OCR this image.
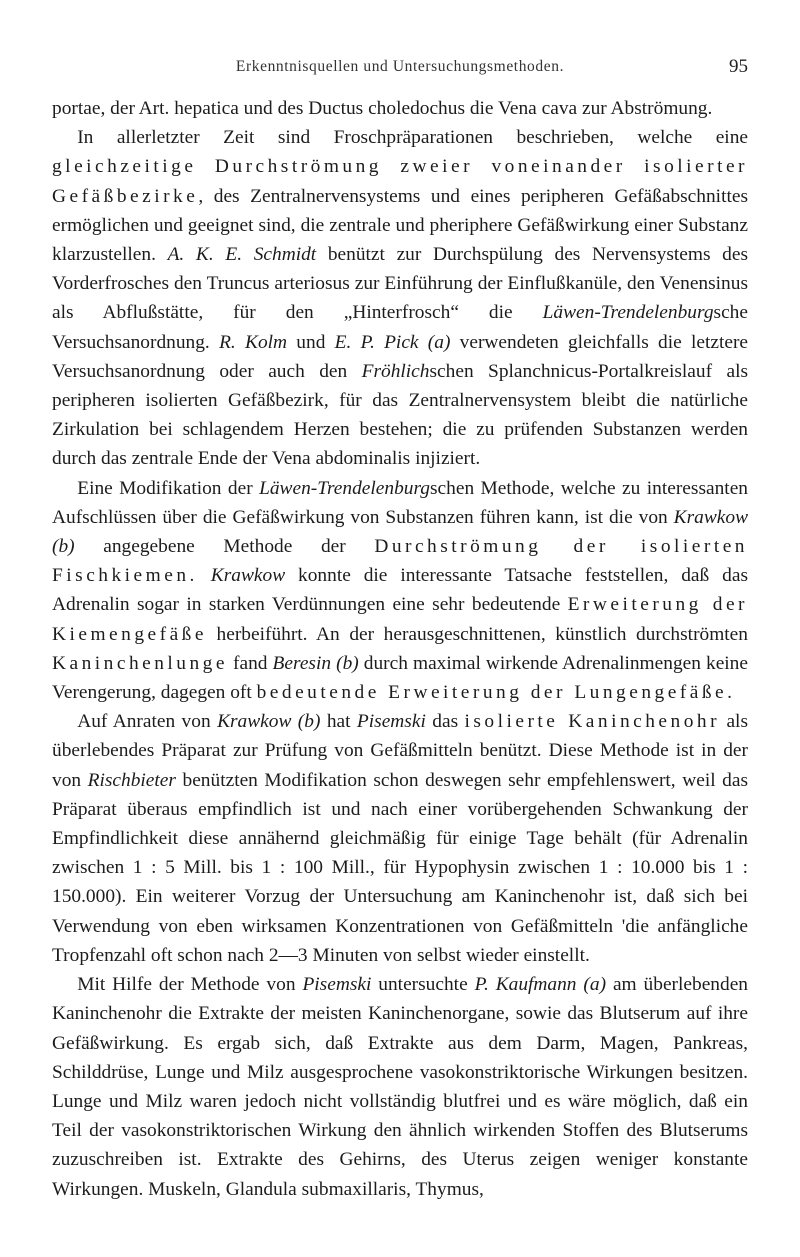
Erkenntnisquellen und Untersuchungsmethoden.	95

portae, der Art. hepatica und des Ductus choledochus die Vena cava zur Abströmung.

In allerletzter Zeit sind Froschpräparationen beschrieben, welche eine gleichzeitige Durchströmung zweier voneinander isolierter Gefäßbezirke, des Zentralnervensystems und eines peripheren Gefäßabschnittes ermöglichen und geeignet sind, die zentrale und pheriphere Gefäßwirkung einer Substanz klarzustellen. A. K. E. Schmidt benützt zur Durchspülung des Nervensystems des Vorderfrosches den Truncus arteriosus zur Einführung der Einflußkanüle, den Venensinus als Abflußstätte, für den „Hinterfrosch“ die Läwen-Trendelenburgsche Versuchsanordnung. R. Kolm und E. P. Pick (a) verwendeten gleichfalls die letztere Versuchsanordnung oder auch den Fröhlichschen Splanchnicus-Portalkreislauf als peripheren isolierten Gefäßbezirk, für das Zentralnervensystem bleibt die natürliche Zirkulation bei schlagendem Herzen bestehen; die zu prüfenden Substanzen werden durch das zentrale Ende der Vena abdominalis injiziert.

Eine Modifikation der Läwen-Trendelenburgschen Methode, welche zu interessanten Aufschlüssen über die Gefäßwirkung von Substanzen führen kann, ist die von Krawkow (b) angegebene Methode der Durchströmung der isolierten Fischkiemen. Krawkow konnte die interessante Tatsache feststellen, daß das Adrenalin sogar in starken Verdünnungen eine sehr bedeutende Erweiterung der Kiemengefäße herbeiführt. An der herausgeschnittenen, künstlich durchströmten Kaninchenlunge fand Beresin (b) durch maximal wirkende Adrenalinmengen keine Verengerung, dagegen oft bedeutende Erweiterung der Lungengefäße.

Auf Anraten von Krawkow (b) hat Pisemski das isolierte Kaninchenohr als überlebendes Präparat zur Prüfung von Gefäßmitteln benützt. Diese Methode ist in der von Rischbieter benützten Modifikation schon deswegen sehr empfehlenswert, weil das Präparat überaus empfindlich ist und nach einer vorübergehenden Schwankung der Empfindlichkeit diese annähernd gleichmäßig für einige Tage behält (für Adrenalin zwischen 1 : 5 Mill. bis 1 : 100 Mill., für Hypophysin zwischen 1 : 10.000 bis 1 : 150.000). Ein weiterer Vorzug der Untersuchung am Kaninchenohr ist, daß sich bei Verwendung von eben wirksamen Konzentrationen von Gefäßmitteln 'die anfängliche Tropfenzahl oft schon nach 2—3 Minuten von selbst wieder einstellt.

Mit Hilfe der Methode von Pisemski untersuchte P. Kaufmann (a) am überlebenden Kaninchenohr die Extrakte der meisten Kaninchenorgane, sowie das Blutserum auf ihre Gefäßwirkung. Es ergab sich, daß Extrakte aus dem Darm, Magen, Pankreas, Schilddrüse, Lunge und Milz ausgesprochene vasokonstriktorische Wirkungen besitzen. Lunge und Milz waren jedoch nicht vollständig blutfrei und es wäre möglich, daß ein Teil der vasokonstriktorischen Wirkung den ähnlich wirkenden Stoffen des Blutserums zuzuschreiben ist. Extrakte des Gehirns, des Uterus zeigen weniger konstante Wirkungen. Muskeln, Glandula submaxillaris, Thymus,
